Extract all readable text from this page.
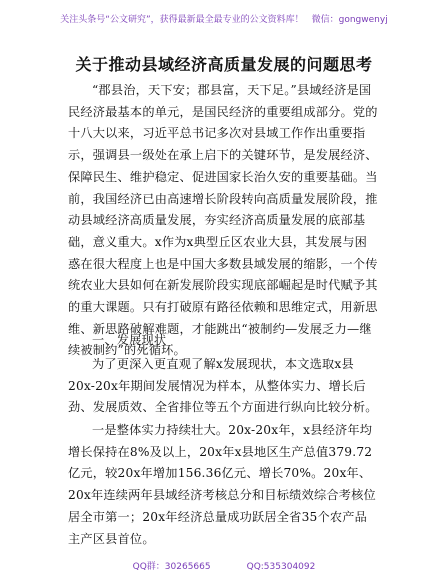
关注头条号“公文研究”，获得最新最全最专业的公文资料库！ 微信：gongwenyj
关于推动县域经济高质量发展的问题思考

“郡县治，天下安；郡县富，天下足。”县域经济是国民经济最基本的单元，是国民经济的重要组成部分。党的十八大以来，习近平总书记多次对县域工作作出重要指示，强调县一级处在承上启下的关键环节，是发展经济、保障民生、维护稳定、促进国家长治久安的重要基础。当前，我国经济已由高速增长阶段转向高质量发展阶段，推动县域经济高质量发展，夯实经济高质量发展的底部基础，意义重大。x作为x典型丘区农业大县，其发展与困惑在很大程度上也是中国大多数县域发展的缩影，一个传统农业大县如何在新发展阶段实现底部崛起是时代赋予其的重大课题。只有打破原有路径依赖和思维定式，用新思维、新思路破解难题，才能跳出“被制约—发展乏力—继续被制约”的死循环。

一、发展现状

为了更深入更直观了解x发展现状，本文选取x县20x-20x年期间发展情况为样本，从整体实力、增长后劲、发展质效、全省排位等五个方面进行纵向比较分析。

一是整体实力持续壮大。20x-20x年，x县经济年均增长保持在8%及以上，20x年x县地区生产总值379.72亿元，较20x年增加156.36亿元、增长70%。20x年、20x年连续两年县域经济考核总分和目标绩效综合考核位居全市第一；20x年经济总量成功跃居全省35个农产品主产区县首位。

QQ群：30265665	QQ:535304092
